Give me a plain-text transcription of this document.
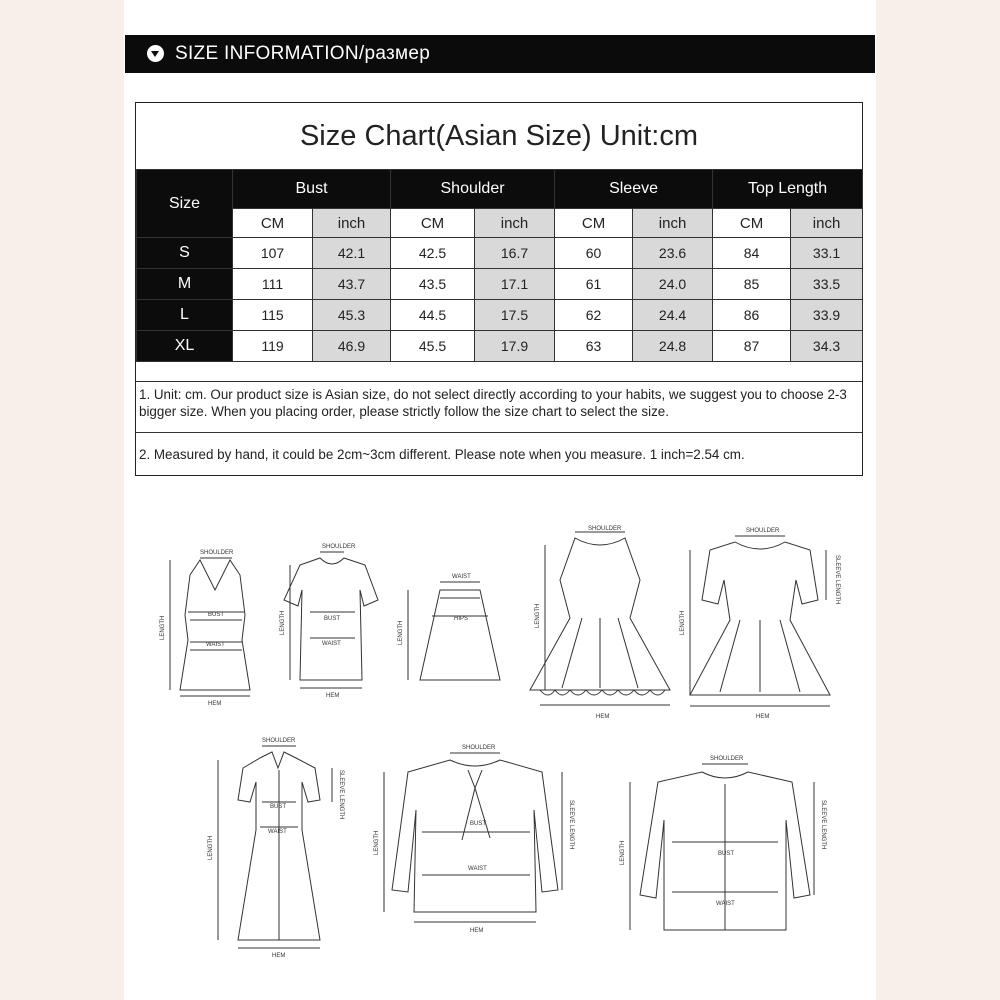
SIZE INFORMATION/размер
Size Chart(Asian Size) Unit:cm
Size	Bust		Shoulder		Sleeve		Top Length	
	CM	inch	CM	inch	CM	inch	CM	inch
S	107	42.1	42.5	16.7	60	23.6	84	33.1
M	111	43.7	43.5	17.1	61	24.0	85	33.5
L	115	45.3	44.5	17.5	62	24.4	86	33.9
XL	119	46.9	45.5	17.9	63	24.8	87	34.3
1. Unit: cm. Our product size is Asian size, do not select directly according to your habits, we suggest you to choose 2-3 bigger size. When you placing order, please strictly follow the size chart to select the size.
2. Measured by hand, it could be 2cm~3cm different. Please note when you measure. 1 inch=2.54 cm.
SHOULDER
BUST
WAIST
HEM
SHOULDER
BUST
WAIST
HEM
WAIST
HIPS
SHOULDER
HEM
SHOULDER
HEM
SHOULDER
BUST
WAIST
HEM
SHOULDER
BUST
WAIST
HEM
SHOULDER
BUST
WAIST
LENGTH	LENGTH	LENGTH
LENGTH	LENGTH
SLEEVE LENGTH
LENGTH
SLEEVE LENGTH
LENGTH	SLEEVE LENGTH
LENGTH
SLEEVE LENGTH
